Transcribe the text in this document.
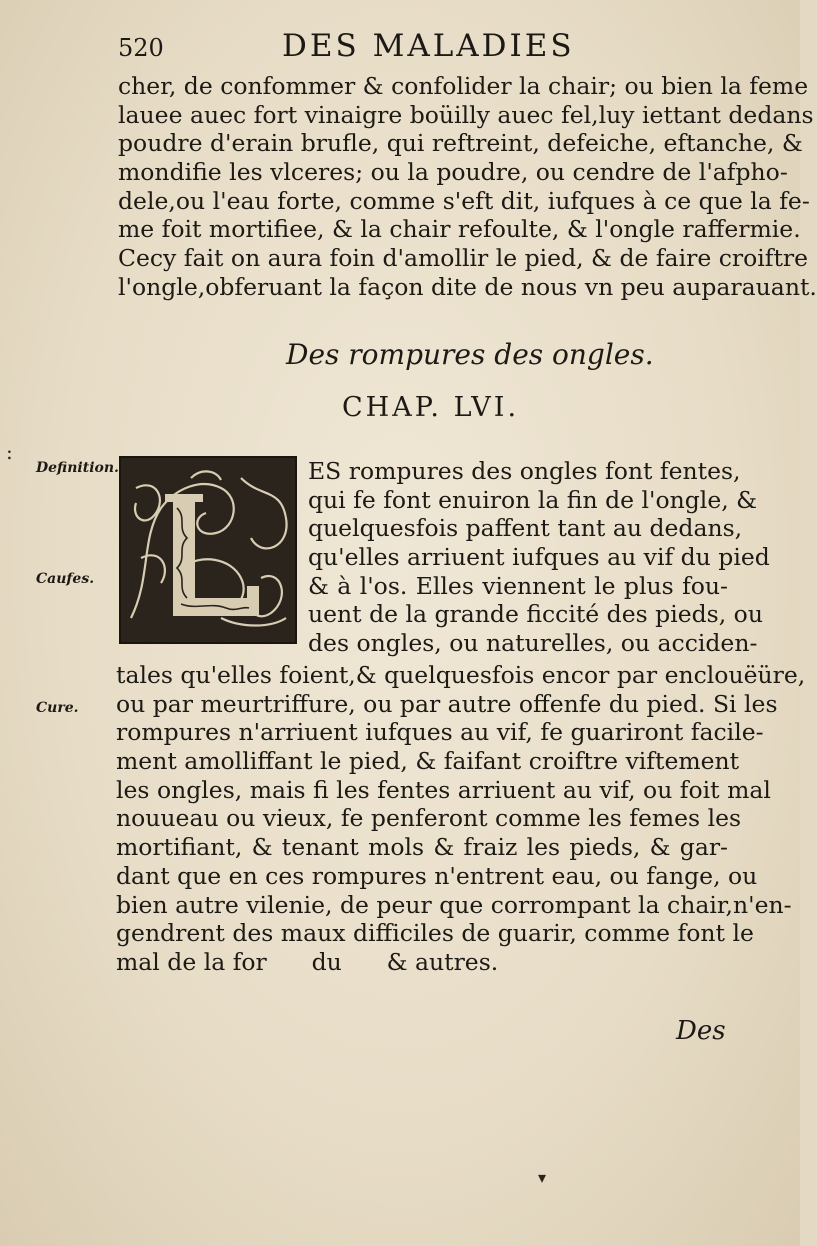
520	DES MALADIES
cher, de confommer & confolider la chair; ou bien la feme
lauee auec fort vinaigre boüilly auec fel,luy iettant dedans
poudre d'erain brufle, qui reftreint, defeiche, eftanche, &
mondifie les vlceres; ou la poudre, ou cendre de l'afpho-
dele,ou l'eau forte, comme s'eft dit, iufques à ce que la fe-
me foit mortifiee, & la chair refoulte, & l'ongle raffermie.
Cecy fait on aura foin d'amollir le pied, & de faire croiftre
l'ongle,obferuant la façon dite de nous vn peu auparauant.
Des rompures des ongles.
CHAP. LVI.
Definition.
Caufes.
Cure.
ES rompures des ongles font fentes,
qui fe font enuiron la fin de l'ongle, &
quelquesfois paffent tant au dedans,
qu'elles arriuent iufques au vif du pied
& à l'os. Elles viennent le plus fou-
uent de la grande ficcité des pieds, ou
des ongles, ou naturelles, ou acciden-
tales qu'elles foient,& quelquesfois encor par enclouëüre,
ou par meurtriffure, ou par autre offenfe du pied. Si les
rompures n'arriuent iufques au vif, fe guariront facile-
ment amolliffant le pied, & faifant croiftre viftement
les ongles, mais fi les fentes arriuent au vif, ou foit mal
nouueau ou vieux, fe penferont comme les femes les
mortifiant, & tenant mols & fraiz les pieds, & gar-
dant que en ces rompures n'entrent eau, ou fange, ou
bien autre vilenie, de peur que corrompant la chair,n'en-
gendrent des maux difficiles de guarir, comme font le
mal de la for      du      & autres.
Des
▾
:
